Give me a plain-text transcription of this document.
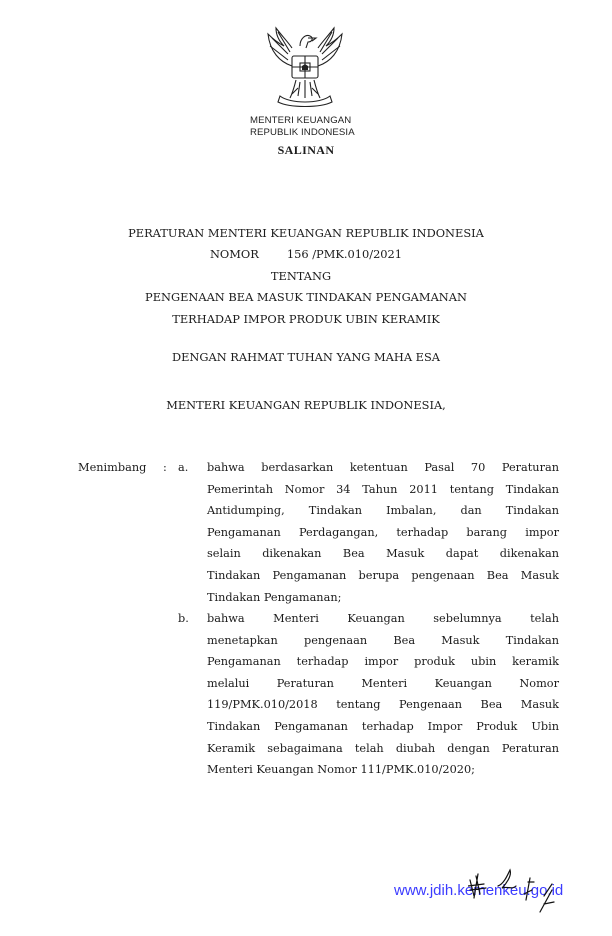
MENTERI KEUANGAN
REPUBLIK INDONESIA
SALINAN
PERATURAN MENTERI KEUANGAN REPUBLIK INDONESIA
NOMOR 156 /PMK.010/2021
TENTANG
PENGENAAN BEA MASUK TINDAKAN PENGAMANAN
TERHADAP IMPOR PRODUK UBIN KERAMIK
DENGAN RAHMAT TUHAN YANG MAHA ESA
MENTERI KEUANGAN REPUBLIK INDONESIA,
Menimbang : a. bahwa berdasarkan ketentuan Pasal 70 Peraturan
Pemerintah Nomor 34 Tahun 2011 tentang Tindakan
Antidumping, Tindakan Imbalan, dan Tindakan
Pengamanan Perdagangan, terhadap barang impor
selain dikenakan Bea Masuk dapat dikenakan
Tindakan Pengamanan berupa pengenaan Bea Masuk
Tindakan Pengamanan;
b. bahwa Menteri Keuangan sebelumnya telah
menetapkan pengenaan Bea Masuk Tindakan
Pengamanan terhadap impor produk ubin keramik
melalui Peraturan Menteri Keuangan Nomor
119/PMK.010/2018 tentang Pengenaan Bea Masuk
Tindakan Pengamanan terhadap Impor Produk Ubin
Keramik sebagaimana telah diubah dengan Peraturan
Menteri Keuangan Nomor 111/PMK.010/2020;
www.jdih.kemenkeu.go.id
